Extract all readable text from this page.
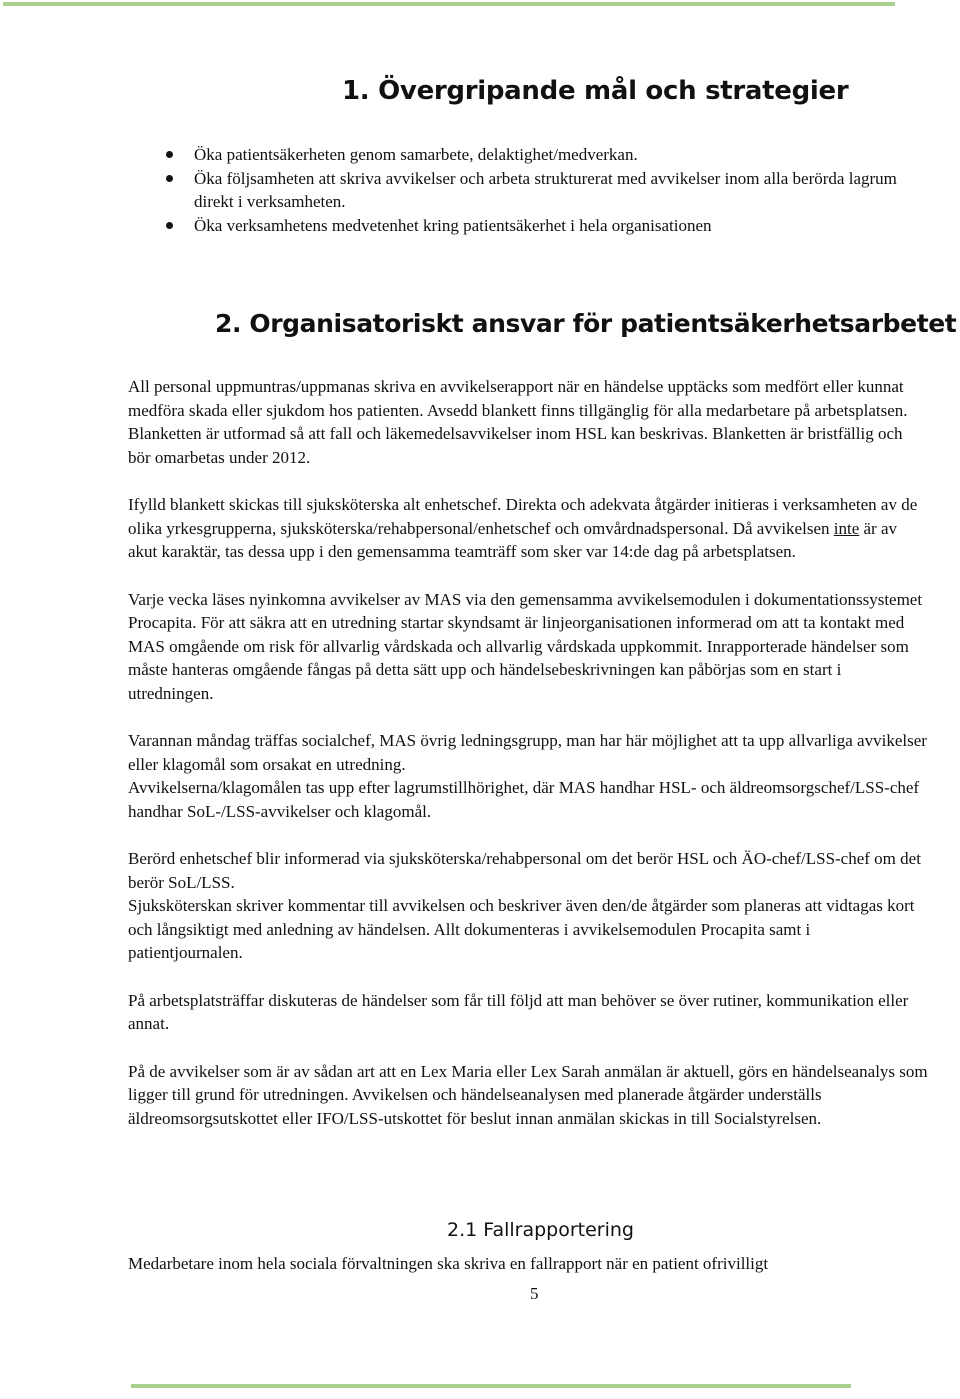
1. Övergripande mål och strategier
Öka patientsäkerheten genom samarbete, delaktighet/medverkan.
Öka följsamheten att skriva avvikelser och arbeta strukturerat med avvikelser inom alla berörda lagrum direkt i verksamheten.
Öka verksamhetens medvetenhet kring patientsäkerhet i hela organisationen
2. Organisatoriskt ansvar för patientsäkerhetsarbetet

All personal uppmuntras/uppmanas skriva en avvikelserapport när en händelse upptäcks som medfört eller kunnat medföra skada eller sjukdom hos patienten. Avsedd blankett finns tillgänglig för alla medarbetare på arbetsplatsen. Blanketten är utformad så att fall och läkemedelsavvikelser inom HSL kan beskrivas. Blanketten är bristfällig och bör omarbetas under 2012.

Ifylld blankett skickas till sjuksköterska alt enhetschef. Direkta och adekvata åtgärder initieras i verksamheten av de olika yrkesgrupperna, sjuksköterska/rehabpersonal/enhetschef och omvårdnadspersonal. Då avvikelsen inte är av akut karaktär, tas dessa upp i den gemensamma teamträff som sker var 14:de dag på arbetsplatsen.

Varje vecka läses nyinkomna avvikelser av MAS via den gemensamma avvikelsemodulen i dokumentationssystemet Procapita. För att säkra att en utredning startar skyndsamt är linjeorganisationen informerad om att ta kontakt med MAS omgående om risk för allvarlig vårdskada och allvarlig vårdskada uppkommit. Inrapporterade händelser som måste hanteras omgående fångas på detta sätt upp och händelsebeskrivningen kan påbörjas som en start i utredningen.

Varannan måndag träffas socialchef, MAS övrig ledningsgrupp, man har här möjlighet att ta upp allvarliga avvikelser eller klagomål som orsakat en utredning.

Avvikelserna/klagomålen tas upp efter lagrumstillhörighet, där MAS handhar HSL- och äldreomsorgschef/LSS-chef handhar SoL-/LSS-avvikelser och klagomål.

Berörd enhetschef blir informerad via sjuksköterska/rehabpersonal om det berör HSL och ÄO-chef/LSS-chef om det berör SoL/LSS.

Sjuksköterskan skriver kommentar till avvikelsen och beskriver även den/de åtgärder som planeras att vidtagas kort och långsiktigt med anledning av händelsen. Allt dokumenteras i avvikelsemodulen Procapita samt i patientjournalen.

På arbetsplatsträffar diskuteras de händelser som får till följd att man behöver se över rutiner, kommunikation eller annat.

På de avvikelser som är av sådan art att en Lex Maria eller Lex Sarah anmälan är aktuell, görs en händelseanalys som ligger till grund för utredningen. Avvikelsen och händelseanalysen med planerade åtgärder underställs äldreomsorgsutskottet eller IFO/LSS-utskottet för beslut innan anmälan skickas in till Socialstyrelsen.

2.1 Fallrapportering

Medarbetare inom hela sociala förvaltningen ska skriva en fallrapport när en patient ofrivilligt

5
